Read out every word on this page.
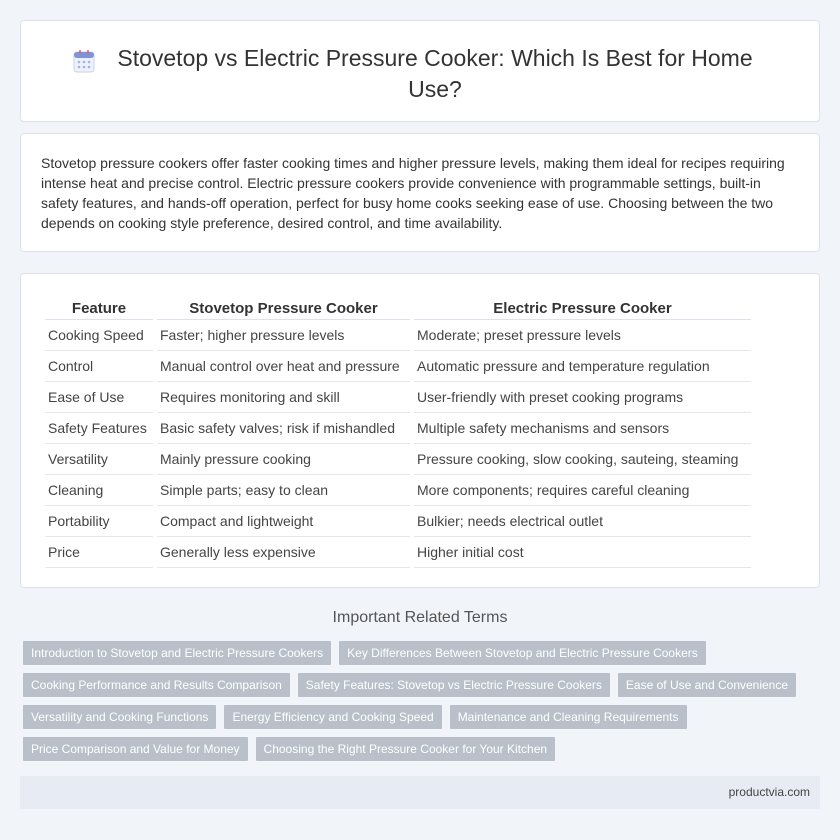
Stovetop vs Electric Pressure Cooker: Which Is Best for Home Use?

Stovetop pressure cookers offer faster cooking times and higher pressure levels, making them ideal for recipes requiring intense heat and precise control. Electric pressure cookers provide convenience with programmable settings, built-in safety features, and hands-off operation, perfect for busy home cooks seeking ease of use. Choosing between the two depends on cooking style preference, desired control, and time availability.

Feature	Stovetop Pressure Cooker	Electric Pressure Cooker
Cooking Speed	Faster; higher pressure levels	Moderate; preset pressure levels
Control	Manual control over heat and pressure	Automatic pressure and temperature regulation
Ease of Use	Requires monitoring and skill	User-friendly with preset cooking programs
Safety Features	Basic safety valves; risk if mishandled	Multiple safety mechanisms and sensors
Versatility	Mainly pressure cooking	Pressure cooking, slow cooking, sauteing, steaming
Cleaning	Simple parts; easy to clean	More components; requires careful cleaning
Portability	Compact and lightweight	Bulkier; needs electrical outlet
Price	Generally less expensive	Higher initial cost
Important Related Terms
Introduction to Stovetop and Electric Pressure Cookers	Key Differences Between Stovetop and Electric Pressure Cookers
Cooking Performance and Results Comparison	Safety Features: Stovetop vs Electric Pressure Cookers	Ease of Use and Convenience
Versatility and Cooking Functions	Energy Efficiency and Cooking Speed	Maintenance and Cleaning Requirements
Price Comparison and Value for Money	Choosing the Right Pressure Cooker for Your Kitchen
productvia.com
